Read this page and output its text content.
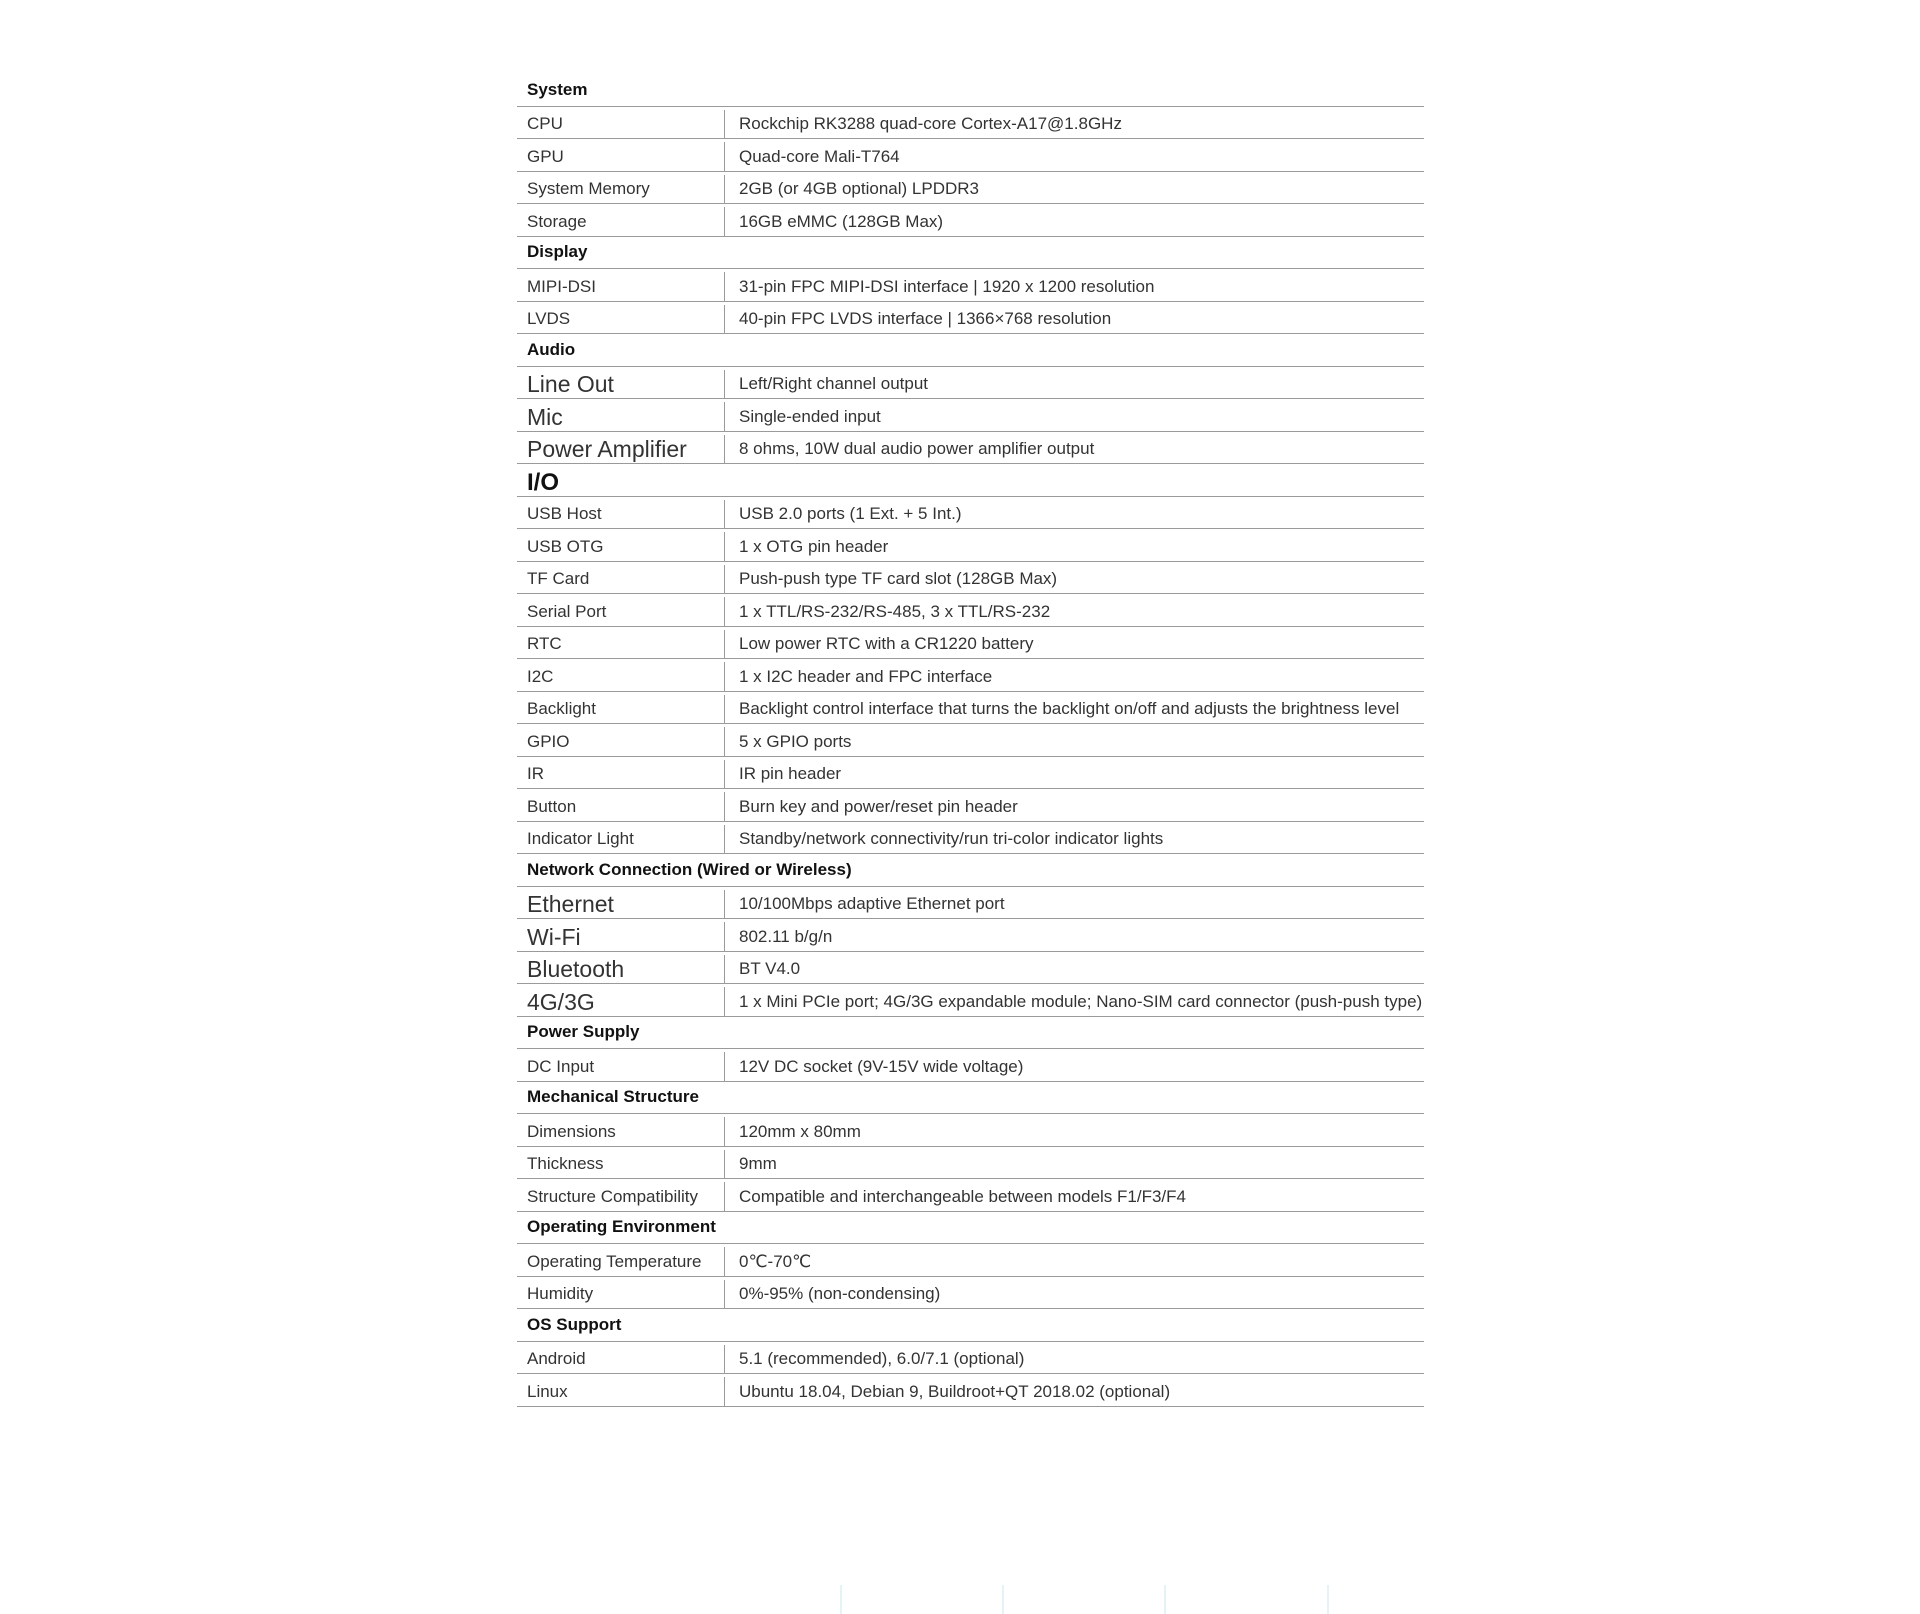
System
CPU	Rockchip RK3288 quad-core Cortex-A17@1.8GHz
GPU	Quad-core Mali-T764
System Memory	2GB (or 4GB optional) LPDDR3
Storage	16GB eMMC (128GB Max)
Display
MIPI-DSI	31-pin FPC MIPI-DSI interface | 1920 x 1200 resolution
LVDS	40-pin FPC LVDS interface | 1366×768 resolution
Audio
Line Out	Left/Right channel output
Mic	Single-ended input
Power Amplifier	8 ohms, 10W dual audio power amplifier output
I/O
USB Host	USB 2.0 ports (1 Ext. + 5 Int.)
USB OTG	1 x OTG pin header
TF Card	Push-push type TF card slot (128GB Max)
Serial Port	1 x TTL/RS-232/RS-485, 3 x TTL/RS-232
RTC	Low power RTC with a CR1220 battery
I2C	1 x I2C header and FPC interface
Backlight	Backlight control interface that turns the backlight on/off and adjusts the brightness level
GPIO	5 x GPIO ports
IR	IR pin header
Button	Burn key and power/reset pin header
Indicator Light	Standby/network connectivity/run tri-color indicator lights
Network Connection (Wired or Wireless)
Ethernet	10/100Mbps adaptive Ethernet port
Wi-Fi	802.11 b/g/n
Bluetooth	BT V4.0
4G/3G	1 x Mini PCIe port; 4G/3G expandable module; Nano-SIM card connector (push-push type)
Power Supply
DC Input	12V DC socket (9V-15V wide voltage)
Mechanical Structure
Dimensions	120mm x 80mm
Thickness	9mm
Structure Compatibility	Compatible and interchangeable between models F1/F3/F4
Operating Environment
Operating Temperature	0℃-70℃
Humidity	0%-95% (non-condensing)
OS Support
Android	5.1 (recommended), 6.0/7.1 (optional)
Linux	Ubuntu 18.04, Debian 9, Buildroot+QT 2018.02 (optional)
